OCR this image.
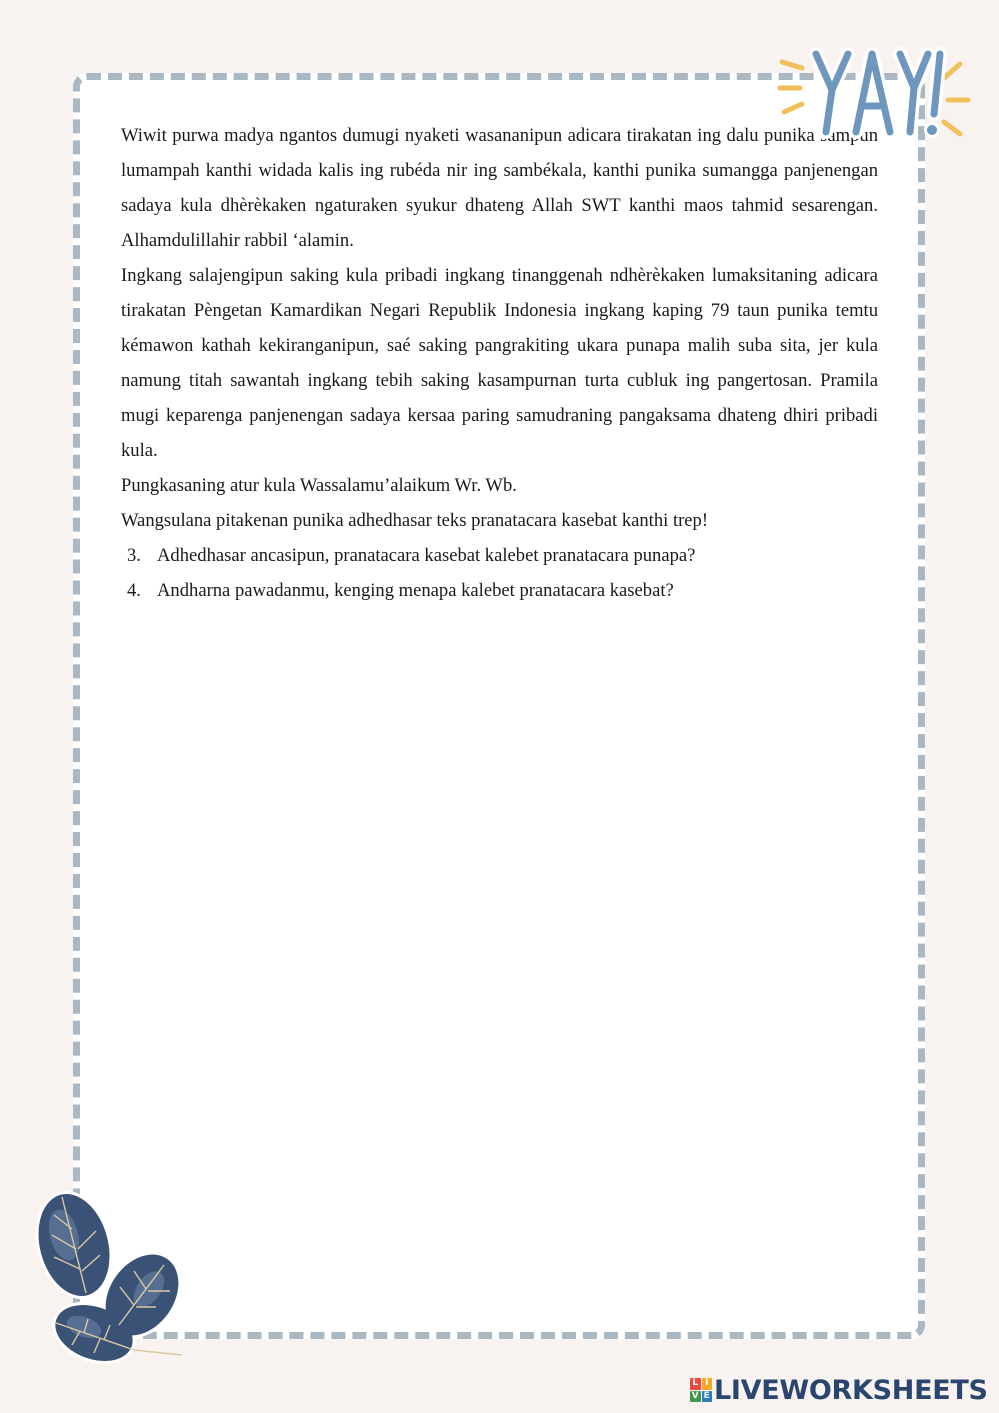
Wiwit purwa madya ngantos dumugi nyaketi wasananipun adicara tirakatan ing dalu punika sampun lumampah kanthi widada kalis ing rubéda nir ing sambékala, kanthi punika sumangga panjenengan sadaya kula dhèrèkaken ngaturaken syukur dhateng Allah SWT kanthi maos tahmid sesarengan. Alhamdulillahir rabbil ‘alamin.

Ingkang salajengipun saking kula pribadi ingkang tinanggenah ndhèrèkaken lumaksitaning adicara tirakatan Pèngetan Kamardikan Negari Republik Indonesia ingkang kaping 79 taun punika temtu kémawon kathah kekiranganipun, saé saking pangrakiting ukara punapa malih suba sita, jer kula namung titah sawantah ingkang tebih saking kasampurnan turta cubluk ing pangertosan. Pramila mugi keparenga panjenengan sadaya kersaa paring samudraning pangaksama dhateng dhiri pribadi kula.

Pungkasaning atur kula Wassalamu’alaikum Wr. Wb.

Wangsulana pitakenan punika adhedhasar teks pranatacara kasebat kanthi trep!

3. Adhedhasar ancasipun, pranatacara kasebat kalebet pranatacara punapa?
4. Andharna pawadanmu, kenging menapa kalebet pranatacara kasebat?
YAY!
L I
V E LIVEWORKSHEETS
